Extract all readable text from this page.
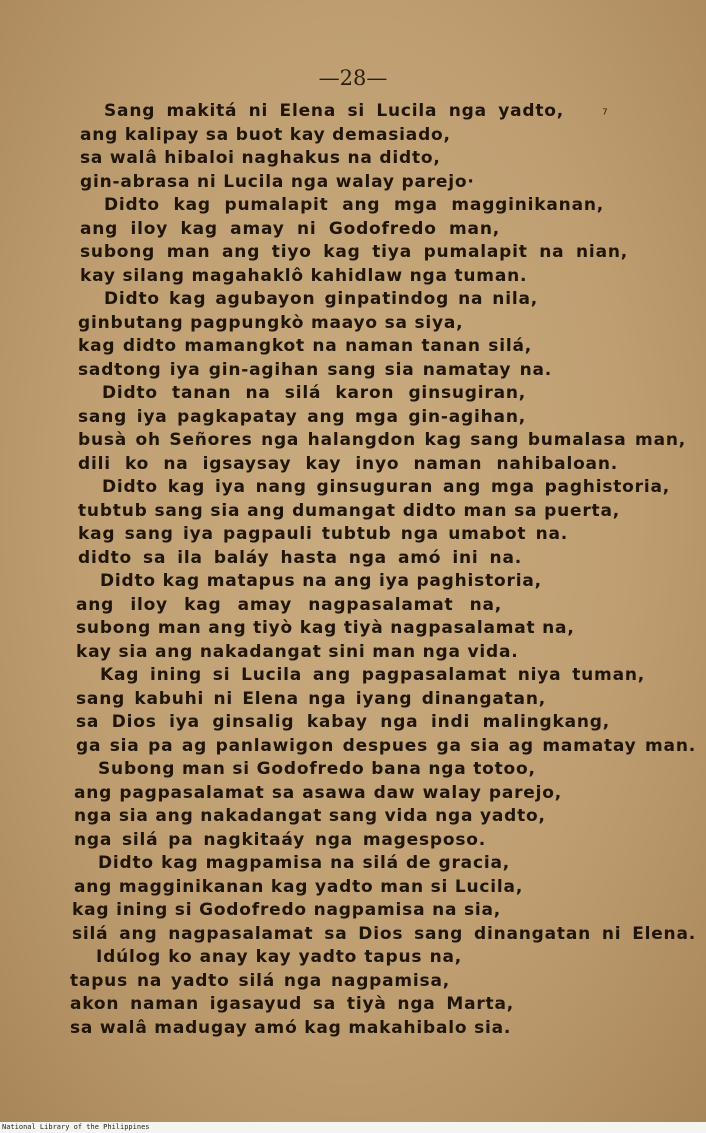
—28—
⁷
Sang makitá ni Elena si Lucila nga yadto,
ang kalipay sa buot kay demasiado,
sa walâ hibaloi naghakus na didto,
gin-abrasa ni Lucila nga walay parejo·
Didto kag pumalapit ang mga magginikanan,
ang iloy kag amay ni Godofredo man,
subong man ang tiyo kag tiya pumalapit na nian,
kay silang magahaklô kahidlaw nga tuman.
Didto kag agubayon ginpatindog na nila,
ginbutang pagpungkò maayo sa siya,
kag didto mamangkot na naman tanan silá,
sadtong iya gin-agihan sang sia namatay na.
Didto tanan na silá karon ginsugiran,
sang iya pagkapatay ang mga gin-agihan,
busà oh Señores nga halangdon kag sang bumalasa man,
dili ko na igsaysay kay inyo naman nahibaloan.
Didto kag iya nang ginsuguran ang mga paghistoria,
tubtub sang sia ang dumangat didto man sa puerta,
kag sang iya pagpauli tubtub nga umabot na.
didto sa ila baláy hasta nga amó ini na.
Didto kag matapus na ang iya paghistoria,
ang iloy kag amay nagpasalamat na,
subong man ang tiyò kag tiyà nagpasalamat na,
kay sia ang nakadangat sini man nga vida.
Kag ining si Lucila ang pagpasalamat niya tuman,
sang kabuhi ni Elena nga iyang dinangatan,
sa Dios iya ginsalig kabay nga indi malingkang,
ga sia pa ag panlawigon despues ga sia ag mamatay man.
Subong man si Godofredo bana nga totoo,
ang pagpasalamat sa asawa daw walay parejo,
nga sia ang nakadangat sang vida nga yadto,
nga silá pa nagkitaáy nga magesposo.
Didto kag magpamisa na silá de gracia,
ang magginikanan kag yadto man si Lucila,
kag ining si Godofredo nagpamisa na sia,
silá ang nagpasalamat sa Dios sang dinangatan ni Elena.
Idúlog ko anay kay yadto tapus na,
tapus na yadto silá nga nagpamisa,
akon naman igasayud sa tiyà nga Marta,
sa walâ madugay amó kag makahibalo sia.
National Library of the Philippines
